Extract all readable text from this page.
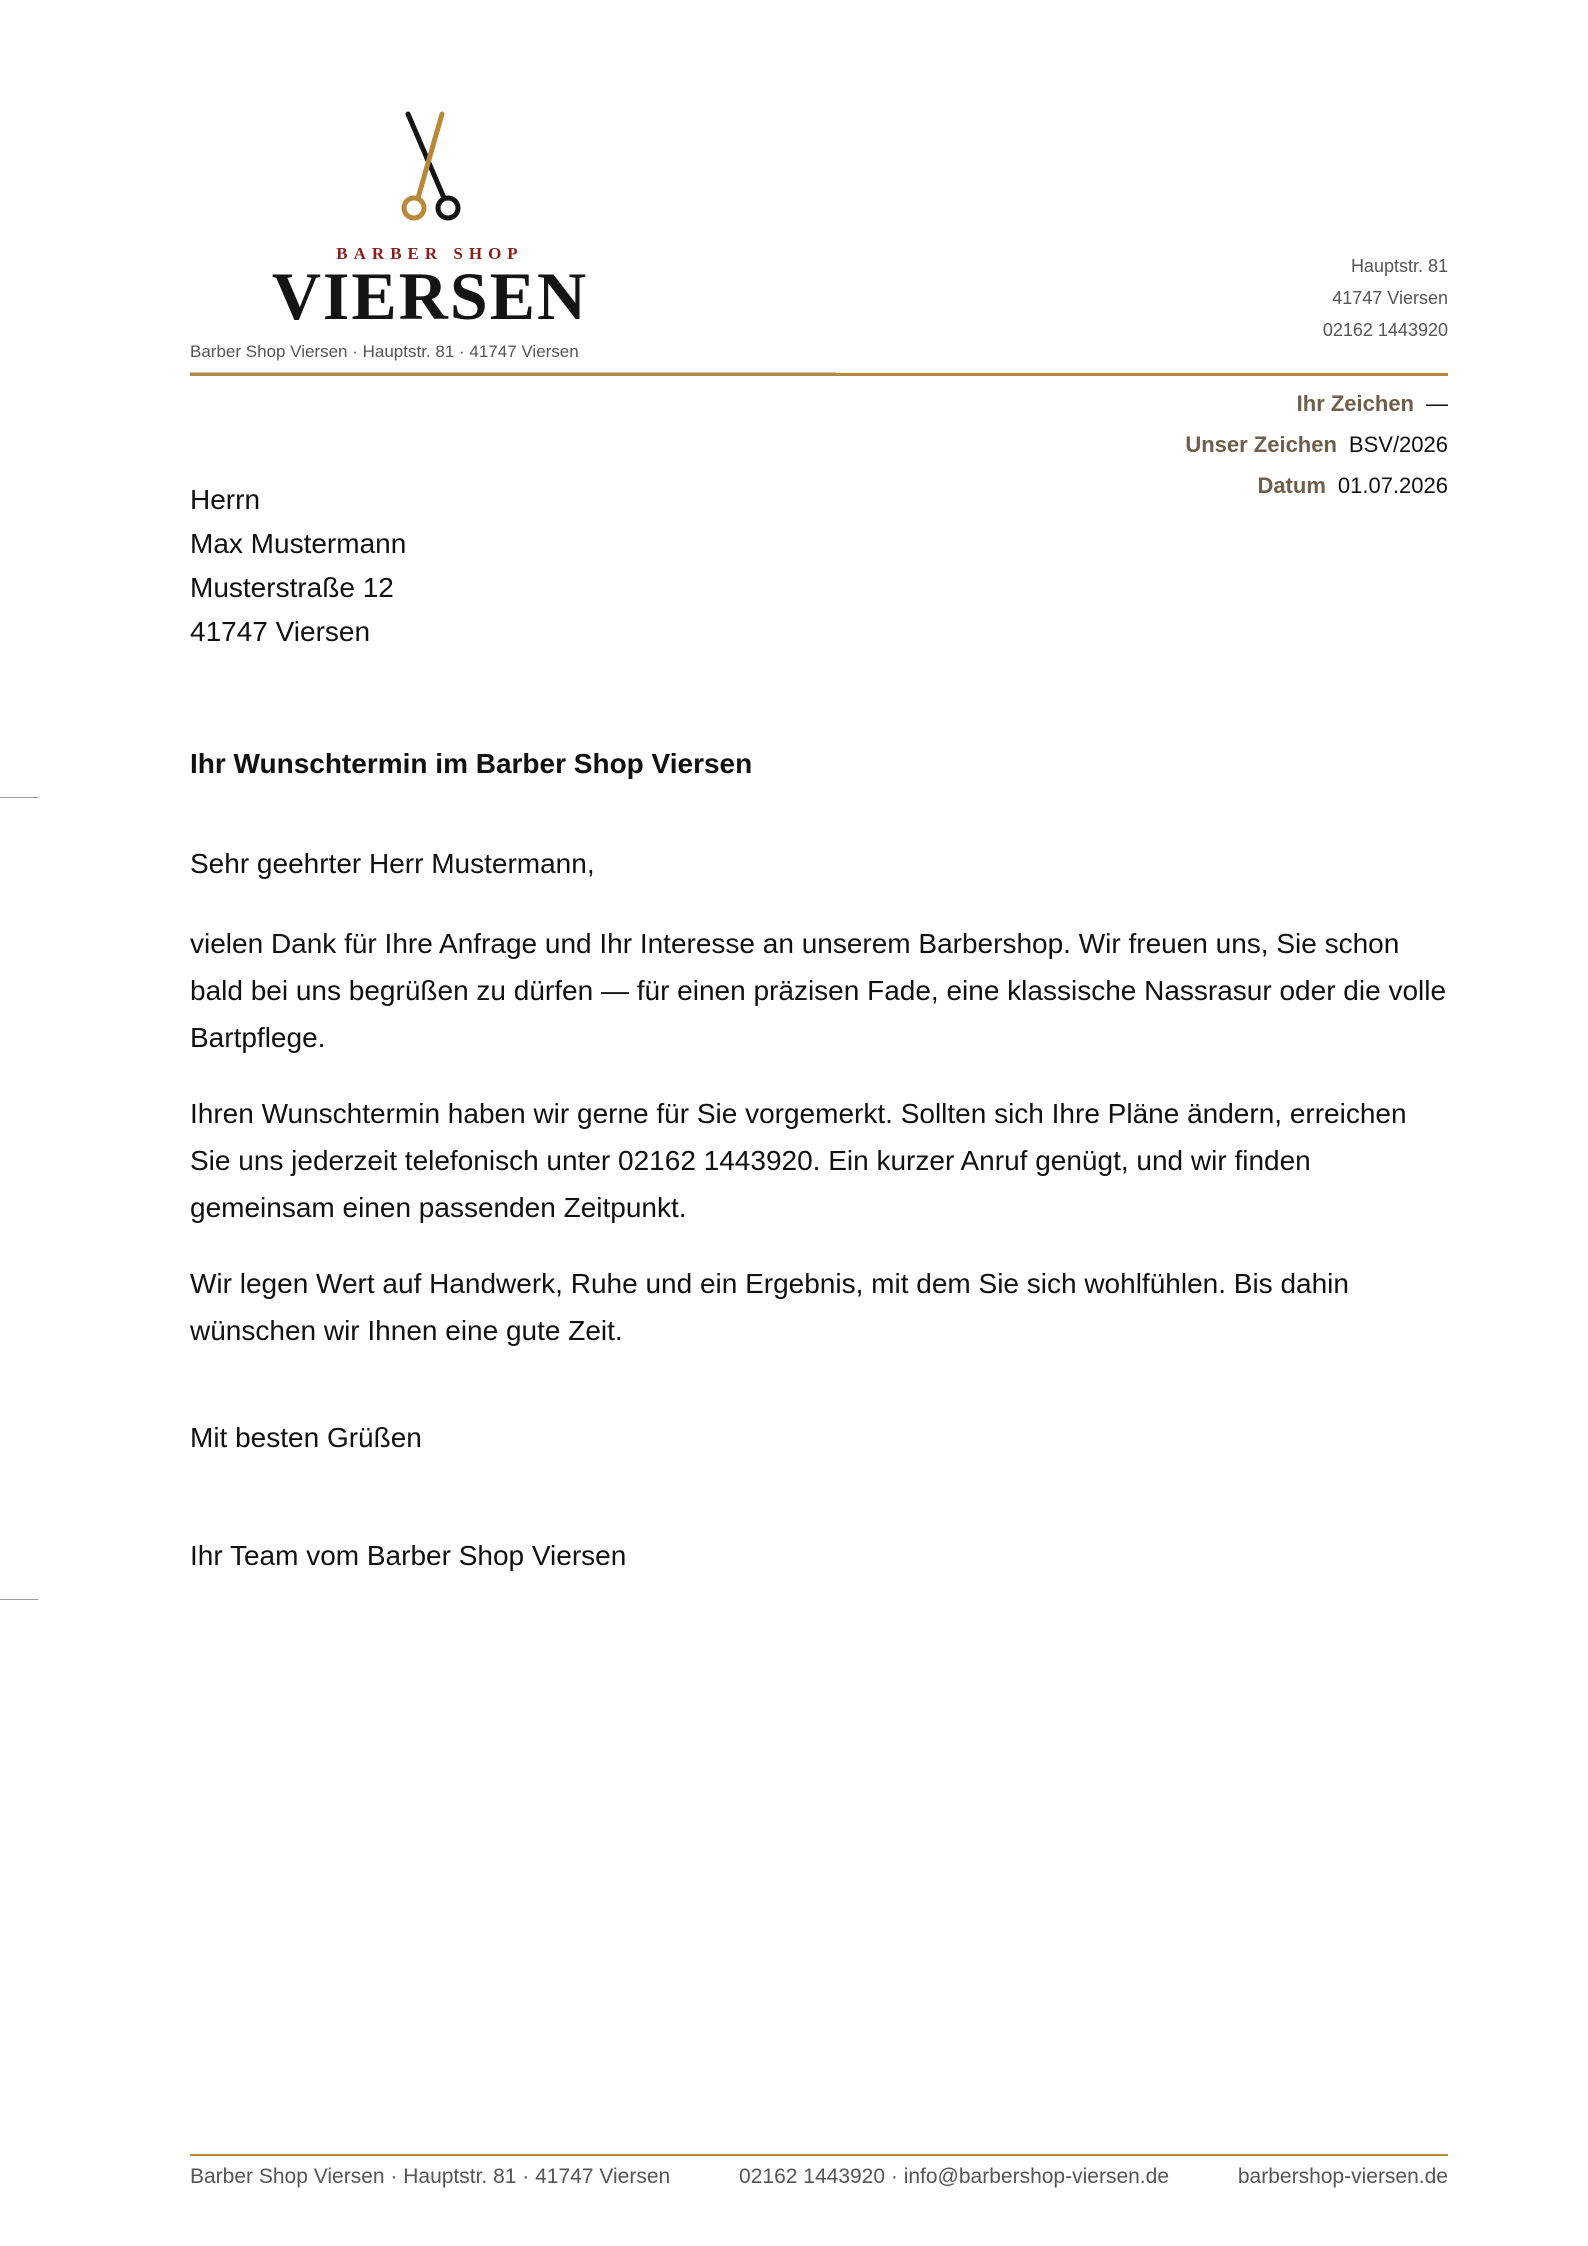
BARBER SHOP
VIERSEN
Barber Shop Viersen · Hauptstr. 81 · 41747 Viersen
Hauptstr. 81
41747 Viersen
02162 1443920
Ihr Zeichen —
Unser Zeichen BSV/2026
Datum 01.07.2026
Herrn
Max Mustermann
Musterstraße 12
41747 Viersen
Ihr Wunschtermin im Barber Shop Viersen
Sehr geehrter Herr Mustermann,

vielen Dank für Ihre Anfrage und Ihr Interesse an unserem Barbershop. Wir freuen uns, Sie schon bald bei uns begrüßen zu dürfen — für einen präzisen Fade, eine klassische Nassrasur oder die volle Bartpflege.

Ihren Wunschtermin haben wir gerne für Sie vorgemerkt. Sollten sich Ihre Pläne ändern, erreichen Sie uns jederzeit telefonisch unter 02162 1443920. Ein kurzer Anruf genügt, und wir finden gemeinsam einen passenden Zeitpunkt.

Wir legen Wert auf Handwerk, Ruhe und ein Ergebnis, mit dem Sie sich wohlfühlen. Bis dahin wünschen wir Ihnen eine gute Zeit.

Mit besten Grüßen
Ihr Team vom Barber Shop Viersen
Barber Shop Viersen · Hauptstr. 81 · 41747 Viersen	02162 1443920 · info@barbershop-viersen.de	barbershop-viersen.de
